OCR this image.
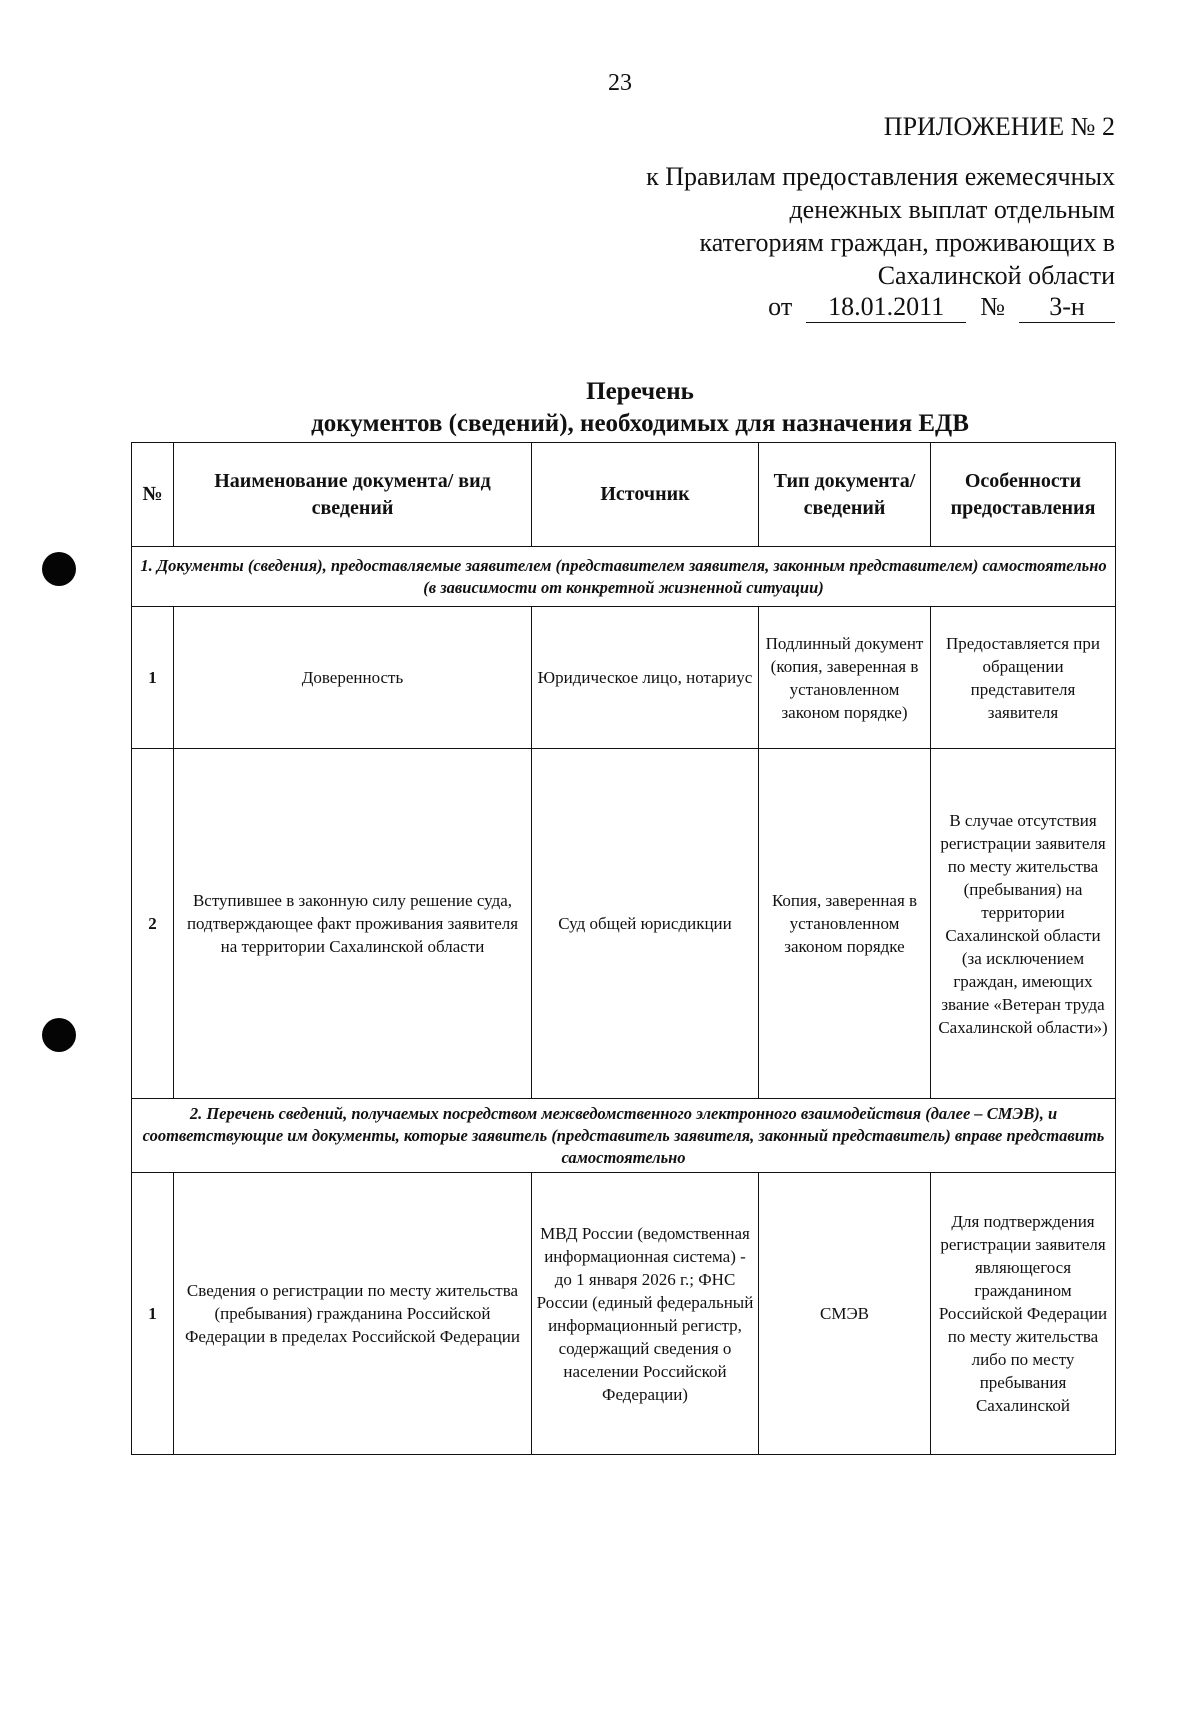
23
ПРИЛОЖЕНИЕ № 2
к Правилам предоставления ежемесячных
денежных выплат отдельным
категориям граждан, проживающих в
Сахалинской области
от	18.01.2011	№	3-н
Перечень
документов (сведений), необходимых для назначения ЕДВ
№	Наименование документа/ вид сведений	Источник	Тип документа/ сведений	Особенности предоставления
1. Документы (сведения), предоставляемые заявителем (представителем заявителя, законным представителем) самостоятельно (в зависимости от конкретной жизненной ситуации)				
1	Доверенность	Юридическое лицо, нотариус	Подлинный документ (копия, заверенная в установленном законом порядке)	Предоставляется при обращении представителя заявителя
2	Вступившее в законную силу решение суда, подтверждающее факт проживания заявителя на территории Сахалинской области	Суд общей юрисдикции	Копия, заверенная в установленном законом порядке	В случае отсутствия регистрации заявителя по месту жительства (пребывания) на территории Сахалинской области (за исключением граждан, имеющих звание «Ветеран труда Сахалинской области»)
2. Перечень сведений, получаемых посредством межведомственного электронного взаимодействия (далее – СМЭВ), и соответствующие им документы, которые заявитель (представитель заявителя, законный представитель) вправе представить самостоятельно				
1	Сведения о регистрации по месту жительства (пребывания) гражданина Российской Федерации в пределах Российской Федерации	МВД России (ведомственная информационная система) - до 1 января 2026 г.; ФНС России (единый федеральный информационный регистр, содержащий сведения о населении Российской Федерации)	СМЭВ	Для подтверждения регистрации заявителя являющегося гражданином Российской Федерации по месту жительства либо по месту пребывания Сахалинской
